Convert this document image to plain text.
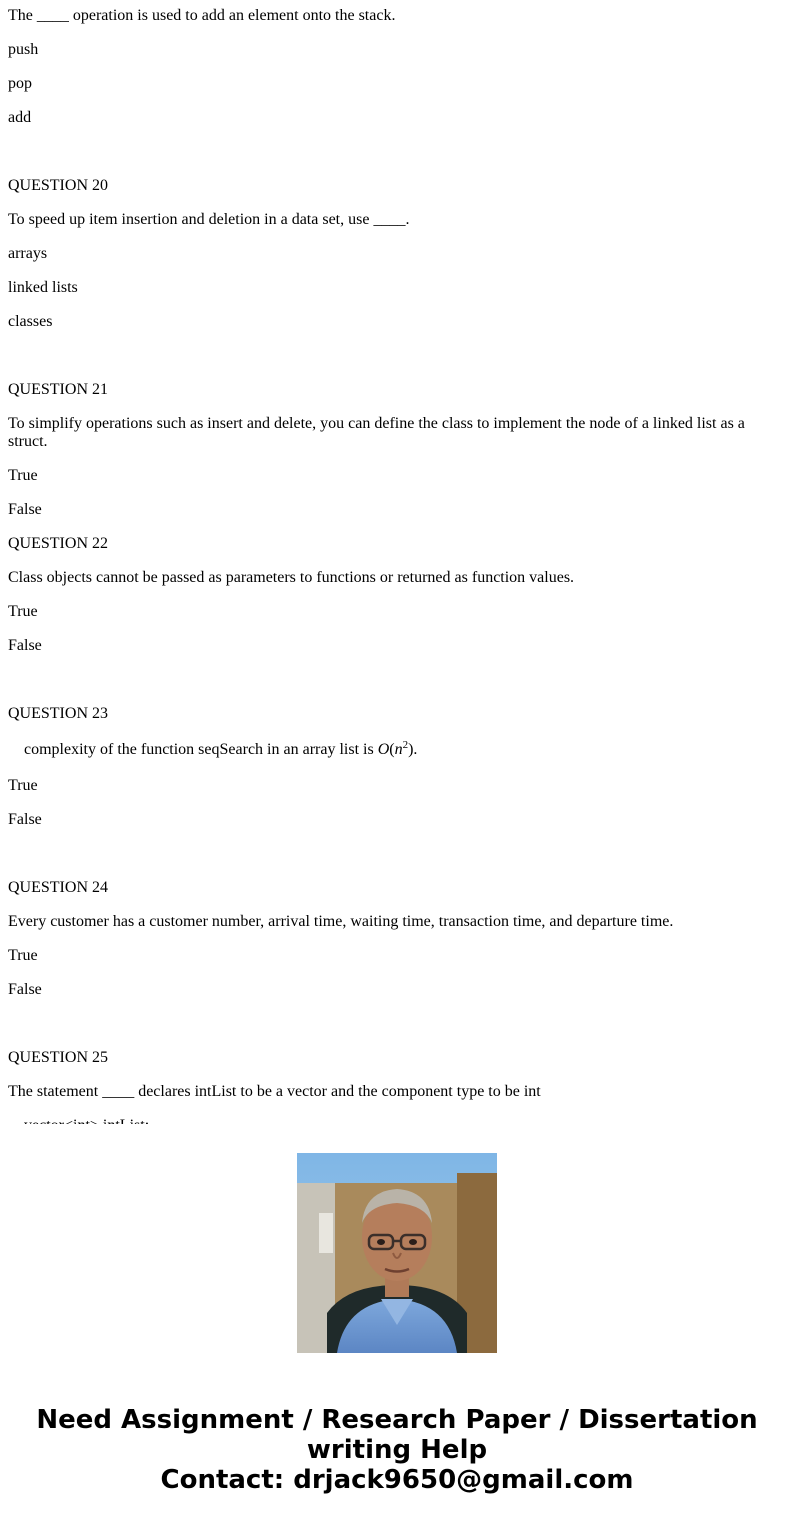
The ____ operation is used to add an element onto the stack.

push

pop

add

QUESTION 20

To speed up item insertion and deletion in a data set, use ____.

arrays

linked lists

classes

QUESTION 21

To simplify operations such as insert and delete, you can define the class to implement the node of a linked list as a struct.

True

False

QUESTION 22

Class objects cannot be passed as parameters to functions or returned as function values.

True

False

QUESTION 23

complexity of the function seqSearch in an array list is $O(n^2)$.

True

False

QUESTION 24

Every customer has a customer number, arrival time, waiting time, transaction time, and departure time.

True

False

QUESTION 25

The statement ____ declares intList to be a vector and the component type to be int

Need Assignment / Research Paper / Dissertation
writing Help
Contact: drjack9650@gmail.com
